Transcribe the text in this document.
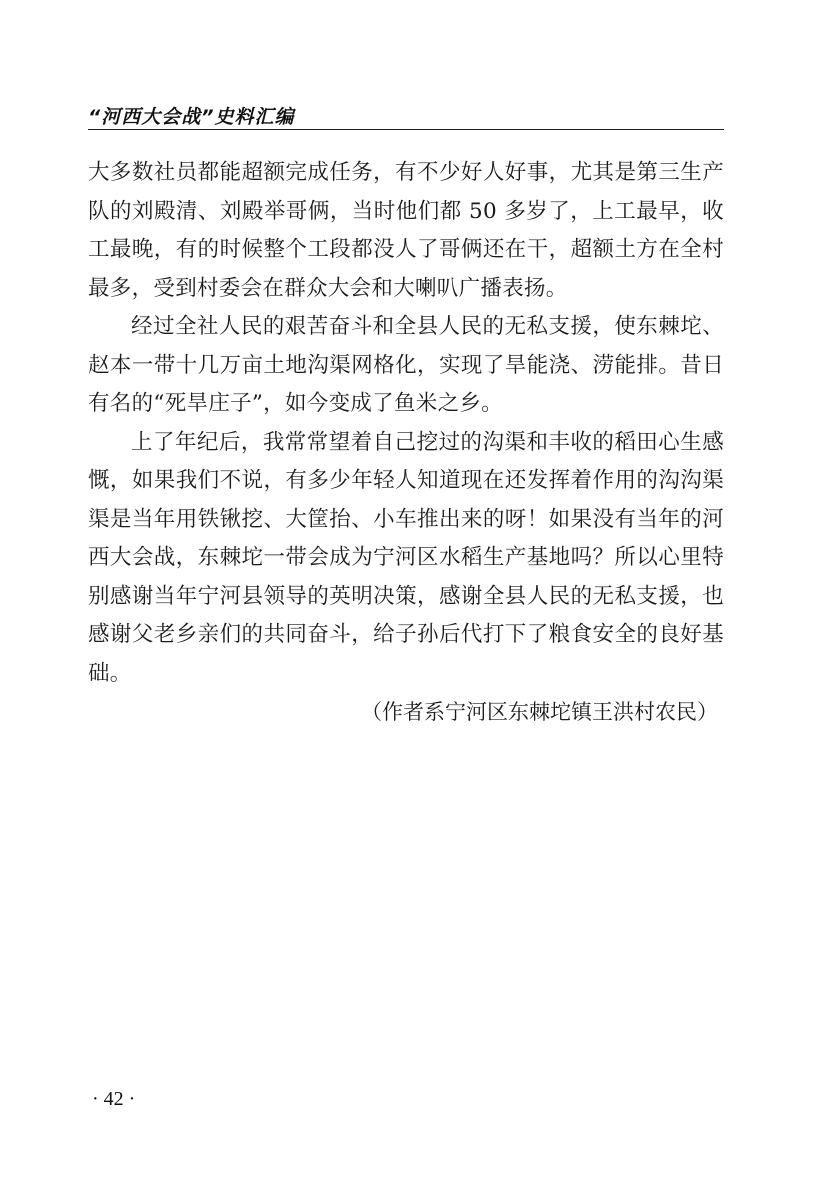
“河西大会战”史料汇编

大多数社员都能超额完成任务，有不少好人好事，尤其是第三生产队的刘殿清、刘殿举哥俩，当时他们都 50 多岁了，上工最早，收工最晚，有的时候整个工段都没人了哥俩还在干，超额土方在全村最多，受到村委会在群众大会和大喇叭广播表扬。

经过全社人民的艰苦奋斗和全县人民的无私支援，使东棘坨、赵本一带十几万亩土地沟渠网格化，实现了旱能浇、涝能排。昔日有名的“死旱庄子”，如今变成了鱼米之乡。

上了年纪后，我常常望着自己挖过的沟渠和丰收的稻田心生感慨，如果我们不说，有多少年轻人知道现在还发挥着作用的沟沟渠渠是当年用铁锹挖、大筐抬、小车推出来的呀！如果没有当年的河西大会战，东棘坨一带会成为宁河区水稻生产基地吗？所以心里特别感谢当年宁河县领导的英明决策，感谢全县人民的无私支援，也感谢父老乡亲们的共同奋斗，给子孙后代打下了粮食安全的良好基础。

（作者系宁河区东棘坨镇王洪村农民）

· 42 ·
